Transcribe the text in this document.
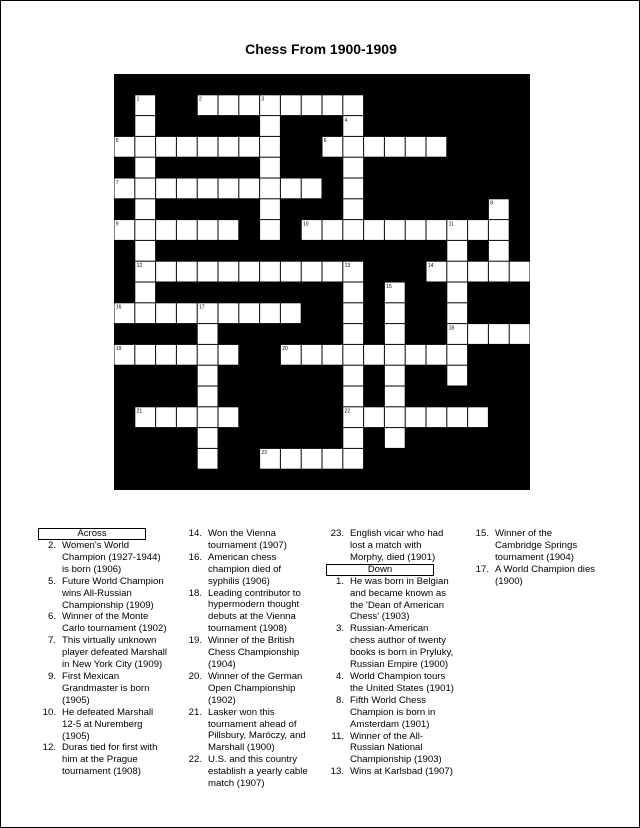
Chess From 1900-1909
1	2	3
4
5	6
7
8
9	10	11
12	13	14
15
16	17
18
19	20
21	22
23
Across
2. Women's World Champion (1927-1944) is born (1906)
5. Future World Champion wins All-Russian Championship (1909)
6. Winner of the Monte Carlo tournament (1902)
7. This virtually unknown player defeated Marshall in New York City (1909)
9. First Mexican Grandmaster is born (1905)
10. He defeated Marshall 12-5 at Nuremberg (1905)
12. Duras tied for first with him at the Prague tournament (1908)
14. Won the Vienna tournament (1907)
16. American chess champion died of syphilis (1906)
18. Leading contributor to hypermodern thought debuts at the Vienna tournament (1908)
19. Winner of the British Chess Championship (1904)
20. Winner of the German Open Championship (1902)
21. Lasker won this tournament ahead of Pillsbury, Maróczy, and Marshall (1900)
22. U.S. and this country establish a yearly cable match (1907)
23. English vicar who had lost a match with Morphy, died (1901)
Down
1. He was born in Belgian and became known as the 'Dean of American Chess' (1903)
3. Russian-American chess author of twenty books is born in Pryluky, Russian Empire (1900)
4. World Champion tours the United States (1901)
8. Fifth World Chess Champion is born in Amsterdam (1901)
11. Winner of the All-Russian National Championship (1903)
13. Wins at Karlsbad (1907)
15. Winner of the Cambridge Springs tournament (1904)
17. A World Champion dies (1900)
